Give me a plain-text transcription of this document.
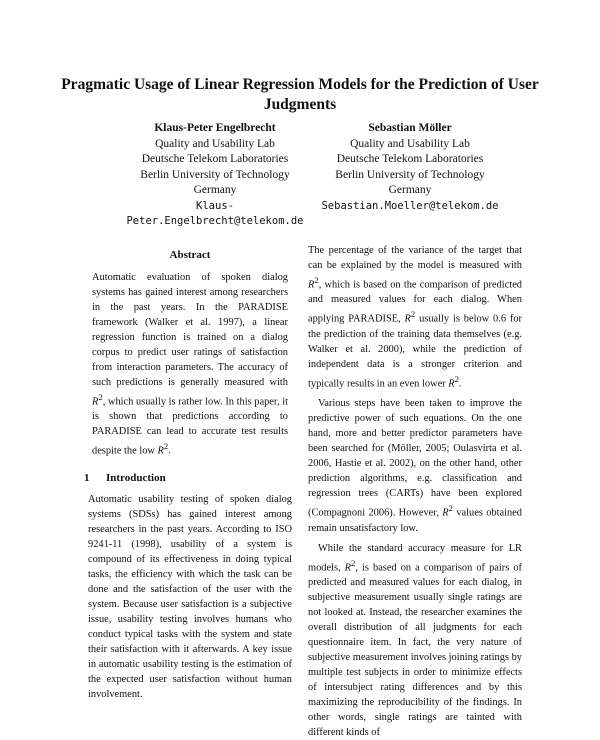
Pragmatic Usage of Linear Regression Models for the Prediction of User Judgments
Klaus-Peter Engelbrecht
Quality and Usability Lab
Deutsche Telekom Laboratories
Berlin University of Technology
Germany
Klaus-
Peter.Engelbrecht@telekom.de
Sebastian Möller
Quality and Usability Lab
Deutsche Telekom Laboratories
Berlin University of Technology
Germany
Sebastian.Moeller@telekom.de

Abstract

Automatic evaluation of spoken dialog systems has gained interest among researchers in the past years. In the PARADISE framework (Walker et al. 1997), a linear regression function is trained on a dialog corpus to predict user ratings of satisfaction from interaction parameters. The accuracy of such predictions is generally measured with $R^2$, which usually is rather low. In this paper, it is shown that predictions according to PARADISE can lead to accurate test results despite the low $R^2$.

1 Introduction

Automatic usability testing of spoken dialog systems (SDSs) has gained interest among researchers in the past years. According to ISO 9241-11 (1998), usability of a system is compound of its effectiveness in doing typical tasks, the efficiency with which the task can be done and the satisfaction of the user with the system. Because user satisfaction is a subjective issue, usability testing involves humans who conduct typical tasks with the system and state their satisfaction with it afterwards. A key issue in automatic usability testing is the estimation of the expected user satisfaction without human involvement.

The percentage of the variance of the target that can be explained by the model is measured with $R^2$, which is based on the comparison of predicted and measured values for each dialog. When applying PARADISE, $R^2$ usually is below 0.6 for the prediction of the training data themselves (e.g. Walker et al. 2000), while the prediction of independent data is a stronger criterion and typically results in an even lower $R^2$.

Various steps have been taken to improve the predictive power of such equations. On the one hand, more and better predictor parameters have been searched for (Möller, 2005; Oulasvirta et al. 2006, Hastie et al. 2002), on the other hand, other prediction algorithms, e.g. classification and regression trees (CARTs) have been explored (Compagnoni 2006). However, $R^2$ values obtained remain unsatisfactory low.

While the standard accuracy measure for LR models, $R^2$, is based on a comparison of pairs of predicted and measured values for each dialog, in subjective measurement usually single ratings are not looked at. Instead, the researcher examines the overall distribution of all judgments for each questionnaire item. In fact, the very nature of subjective measurement involves joining ratings by multiple test subjects in order to minimize effects of intersubject rating differences and by this maximizing the reproducibility of the findings. In other words, single ratings are tainted with different kinds of
